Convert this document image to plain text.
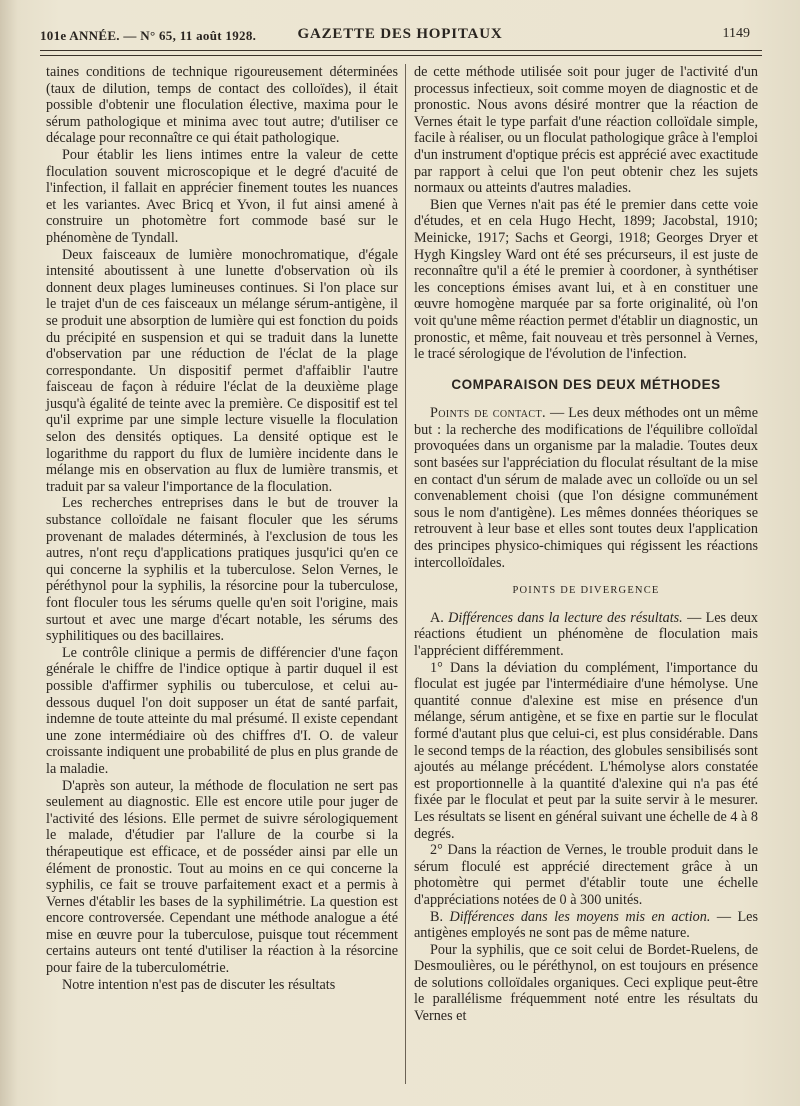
101e ANNÉE. — N° 65, 11 août 1928.	GAZETTE DES HOPITAUX	1149

taines conditions de technique rigoureusement déterminées (taux de dilution, temps de contact des colloïdes), il était possible d'obtenir une floculation élective, maxima pour le sérum pathologique et minima avec tout autre; d'utiliser ce décalage pour reconnaître ce qui était pathologique.

Pour établir les liens intimes entre la valeur de cette floculation souvent microscopique et le degré d'acuité de l'infection, il fallait en apprécier finement toutes les nuances et les variantes. Avec Bricq et Yvon, il fut ainsi amené à construire un photomètre fort commode basé sur le phénomène de Tyndall.

Deux faisceaux de lumière monochromatique, d'égale intensité aboutissent à une lunette d'observation où ils donnent deux plages lumineuses continues. Si l'on place sur le trajet d'un de ces faisceaux un mélange sérum-antigène, il se produit une absorption de lumière qui est fonction du poids du précipité en suspension et qui se traduit dans la lunette d'observation par une réduction de l'éclat de la plage correspondante. Un dispositif permet d'affaiblir l'autre faisceau de façon à réduire l'éclat de la deuxième plage jusqu'à égalité de teinte avec la première. Ce dispositif est tel qu'il exprime par une simple lecture visuelle la floculation selon des densités optiques. La densité optique est le logarithme du rapport du flux de lumière incidente dans le mélange mis en observation au flux de lumière transmis, et traduit par sa valeur l'importance de la floculation.

Les recherches entreprises dans le but de trouver la substance colloïdale ne faisant floculer que les sérums provenant de malades déterminés, à l'exclusion de tous les autres, n'ont reçu d'applications pratiques jusqu'ici qu'en ce qui concerne la syphilis et la tuberculose. Selon Vernes, le péréthynol pour la syphilis, la résorcine pour la tuberculose, font floculer tous les sérums quelle qu'en soit l'origine, mais surtout et avec une marge d'écart notable, les sérums des syphilitiques ou des bacillaires.

Le contrôle clinique a permis de différencier d'une façon générale le chiffre de l'indice optique à partir duquel il est possible d'affirmer syphilis ou tuberculose, et celui au-dessous duquel l'on doit supposer un état de santé parfait, indemne de toute atteinte du mal présumé. Il existe cependant une zone intermédiaire où des chiffres d'I. O. de valeur croissante indiquent une probabilité de plus en plus grande de la maladie.

D'après son auteur, la méthode de floculation ne sert pas seulement au diagnostic. Elle est encore utile pour juger de l'activité des lésions. Elle permet de suivre sérologiquement le malade, d'étudier par l'allure de la courbe si la thérapeutique est efficace, et de posséder ainsi par elle un élément de pronostic. Tout au moins en ce qui concerne la syphilis, ce fait se trouve parfaitement exact et a permis à Vernes d'établir les bases de la syphilimétrie. La question est encore controversée. Cependant une méthode analogue a été mise en œuvre pour la tuberculose, puisque tout récemment certains auteurs ont tenté d'utiliser la réaction à la résorcine pour faire de la tuberculométrie.

Notre intention n'est pas de discuter les résultats

de cette méthode utilisée soit pour juger de l'activité d'un processus infectieux, soit comme moyen de diagnostic et de pronostic. Nous avons désiré montrer que la réaction de Vernes était le type parfait d'une réaction colloïdale simple, facile à réaliser, ou un floculat pathologique grâce à l'emploi d'un instrument d'optique précis est apprécié avec exactitude par rapport à celui que l'on peut obtenir chez les sujets normaux ou atteints d'autres maladies.

Bien que Vernes n'ait pas été le premier dans cette voie d'études, et en cela Hugo Hecht, 1899; Jacobstal, 1910; Meinicke, 1917; Sachs et Georgi, 1918; Georges Dryer et Hygh Kingsley Ward ont été ses précurseurs, il est juste de reconnaître qu'il a été le premier à coordoner, à synthétiser les conceptions émises avant lui, et à en constituer une œuvre homogène marquée par sa forte originalité, où l'on voit qu'une même réaction permet d'établir un diagnostic, un pronostic, et même, fait nouveau et très personnel à Vernes, le tracé sérologique de l'évolution de l'infection.

COMPARAISON DES DEUX MÉTHODES

Points de contact. — Les deux méthodes ont un même but : la recherche des modifications de l'équilibre colloïdal provoquées dans un organisme par la maladie. Toutes deux sont basées sur l'appréciation du floculat résultant de la mise en contact d'un sérum de malade avec un colloïde ou un sel convenablement choisi (que l'on désigne communément sous le nom d'antigène). Les mêmes données théoriques se retrouvent à leur base et elles sont toutes deux l'application des principes physico-chimiques qui régissent les réactions intercolloïdales.

POINTS DE DIVERGENCE

A. Différences dans la lecture des résultats. — Les deux réactions étudient un phénomène de floculation mais l'apprécient différemment.

1° Dans la déviation du complément, l'importance du floculat est jugée par l'intermédiaire d'une hémolyse. Une quantité connue d'alexine est mise en présence d'un mélange, sérum antigène, et se fixe en partie sur le floculat formé d'autant plus que celui-ci, est plus considérable. Dans le second temps de la réaction, des globules sensibilisés sont ajoutés au mélange précédent. L'hémolyse alors constatée est proportionnelle à la quantité d'alexine qui n'a pas été fixée par le floculat et peut par la suite servir à le mesurer. Les résultats se lisent en général suivant une échelle de 4 à 8 degrés.

2° Dans la réaction de Vernes, le trouble produit dans le sérum floculé est apprécié directement grâce à un photomètre qui permet d'établir toute une échelle d'appréciations notées de 0 à 300 unités.

B. Différences dans les moyens mis en action. — Les antigènes employés ne sont pas de même nature.

Pour la syphilis, que ce soit celui de Bordet-Ruelens, de Desmoulières, ou le péréthynol, on est toujours en présence de solutions colloïdales organiques. Ceci explique peut-être le parallélisme fréquemment noté entre les résultats du Vernes et
